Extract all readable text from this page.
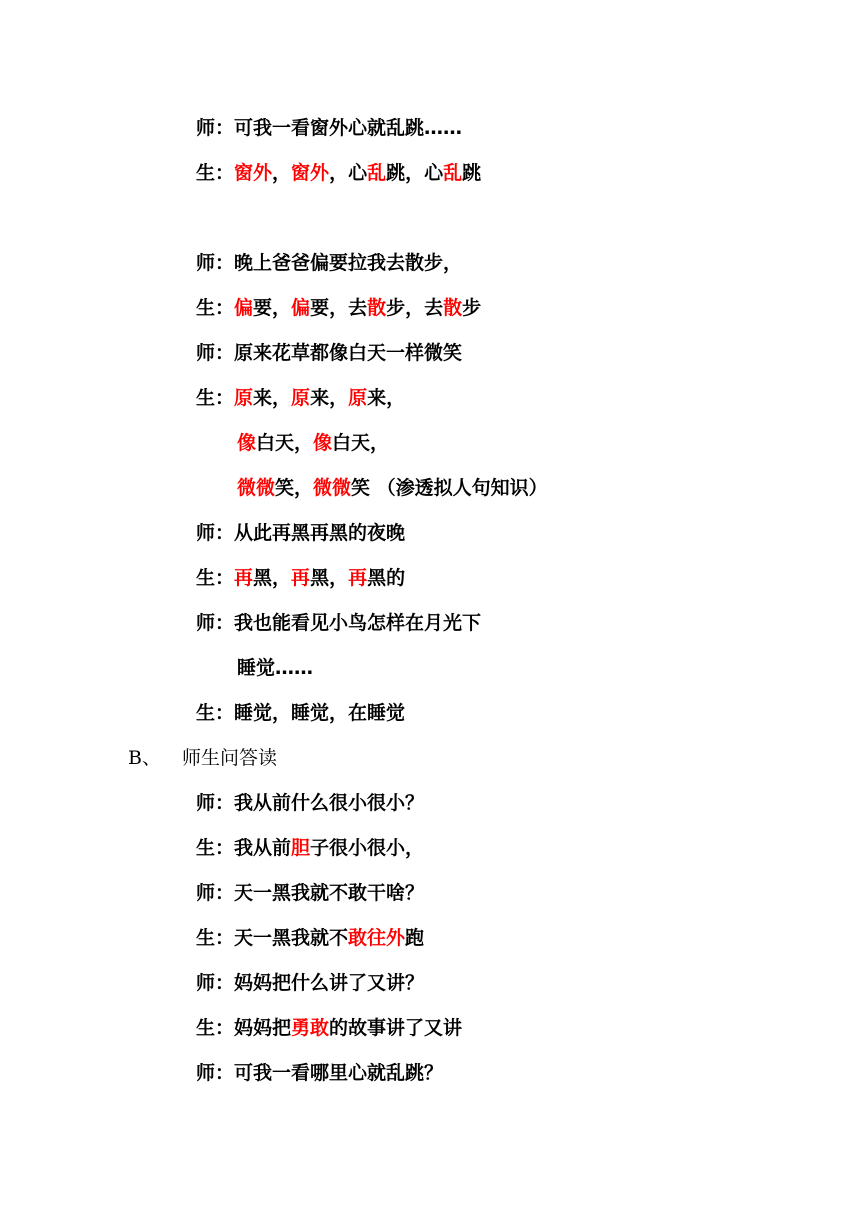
师：可我一看窗外心就乱跳……
生：窗外，窗外，心乱跳，心乱跳
师：晚上爸爸偏要拉我去散步，
生：偏要，偏要，去散步，去散步
师：原来花草都像白天一样微笑
生：原来，原来，原来，
像白天，像白天，
微微笑，微微笑 （渗透拟人句知识）
师：从此再黑再黑的夜晚
生：再黑，再黑，再黑的
师：我也能看见小鸟怎样在月光下
睡觉……
生：睡觉，睡觉，在睡觉
师：我从前什么很小很小？
生：我从前胆子很小很小，
师：天一黑我就不敢干啥？
生：天一黑我就不敢往外跑
师：妈妈把什么讲了又讲？
生：妈妈把勇敢的故事讲了又讲
师：可我一看哪里心就乱跳？
B、 师生问答读
